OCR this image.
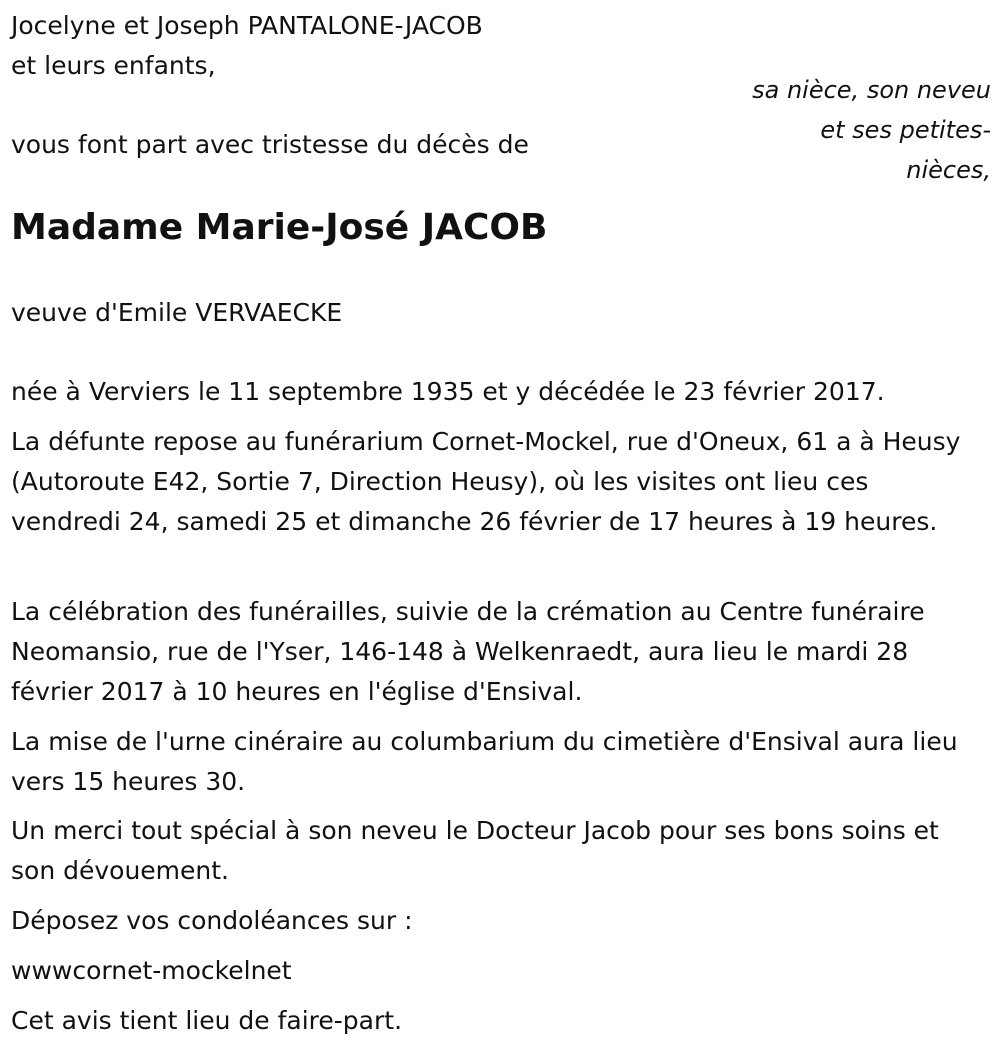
Jocelyne et Joseph PANTALONE-JACOB
et leurs enfants,
sa nièce, son neveu
et ses petites-
nièces,
vous font part avec tristesse du décès de
Madame Marie-José JACOB
veuve d'Emile VERVAECKE
née à Verviers le 11 septembre 1935 et y décédée le 23 février 2017.
La défunte repose au funérarium Cornet-Mockel, rue d'Oneux, 61 a à Heusy (Autoroute E42, Sortie 7, Direction Heusy), où les visites ont lieu ces vendredi 24, samedi 25 et dimanche 26 février de 17 heures à 19 heures.
La célébration des funérailles, suivie de la crémation au Centre funéraire Neomansio, rue de l'Yser, 146-148 à Welkenraedt, aura lieu le mardi 28 février 2017 à 10 heures en l'église d'Ensival.
La mise de l'urne cinéraire au columbarium du cimetière d'Ensival aura lieu vers 15 heures 30.
Un merci tout spécial à son neveu le Docteur Jacob pour ses bons soins et son dévouement.
Déposez vos condoléances sur :
wwwcornet-mockelnet
Cet avis tient lieu de faire-part.
